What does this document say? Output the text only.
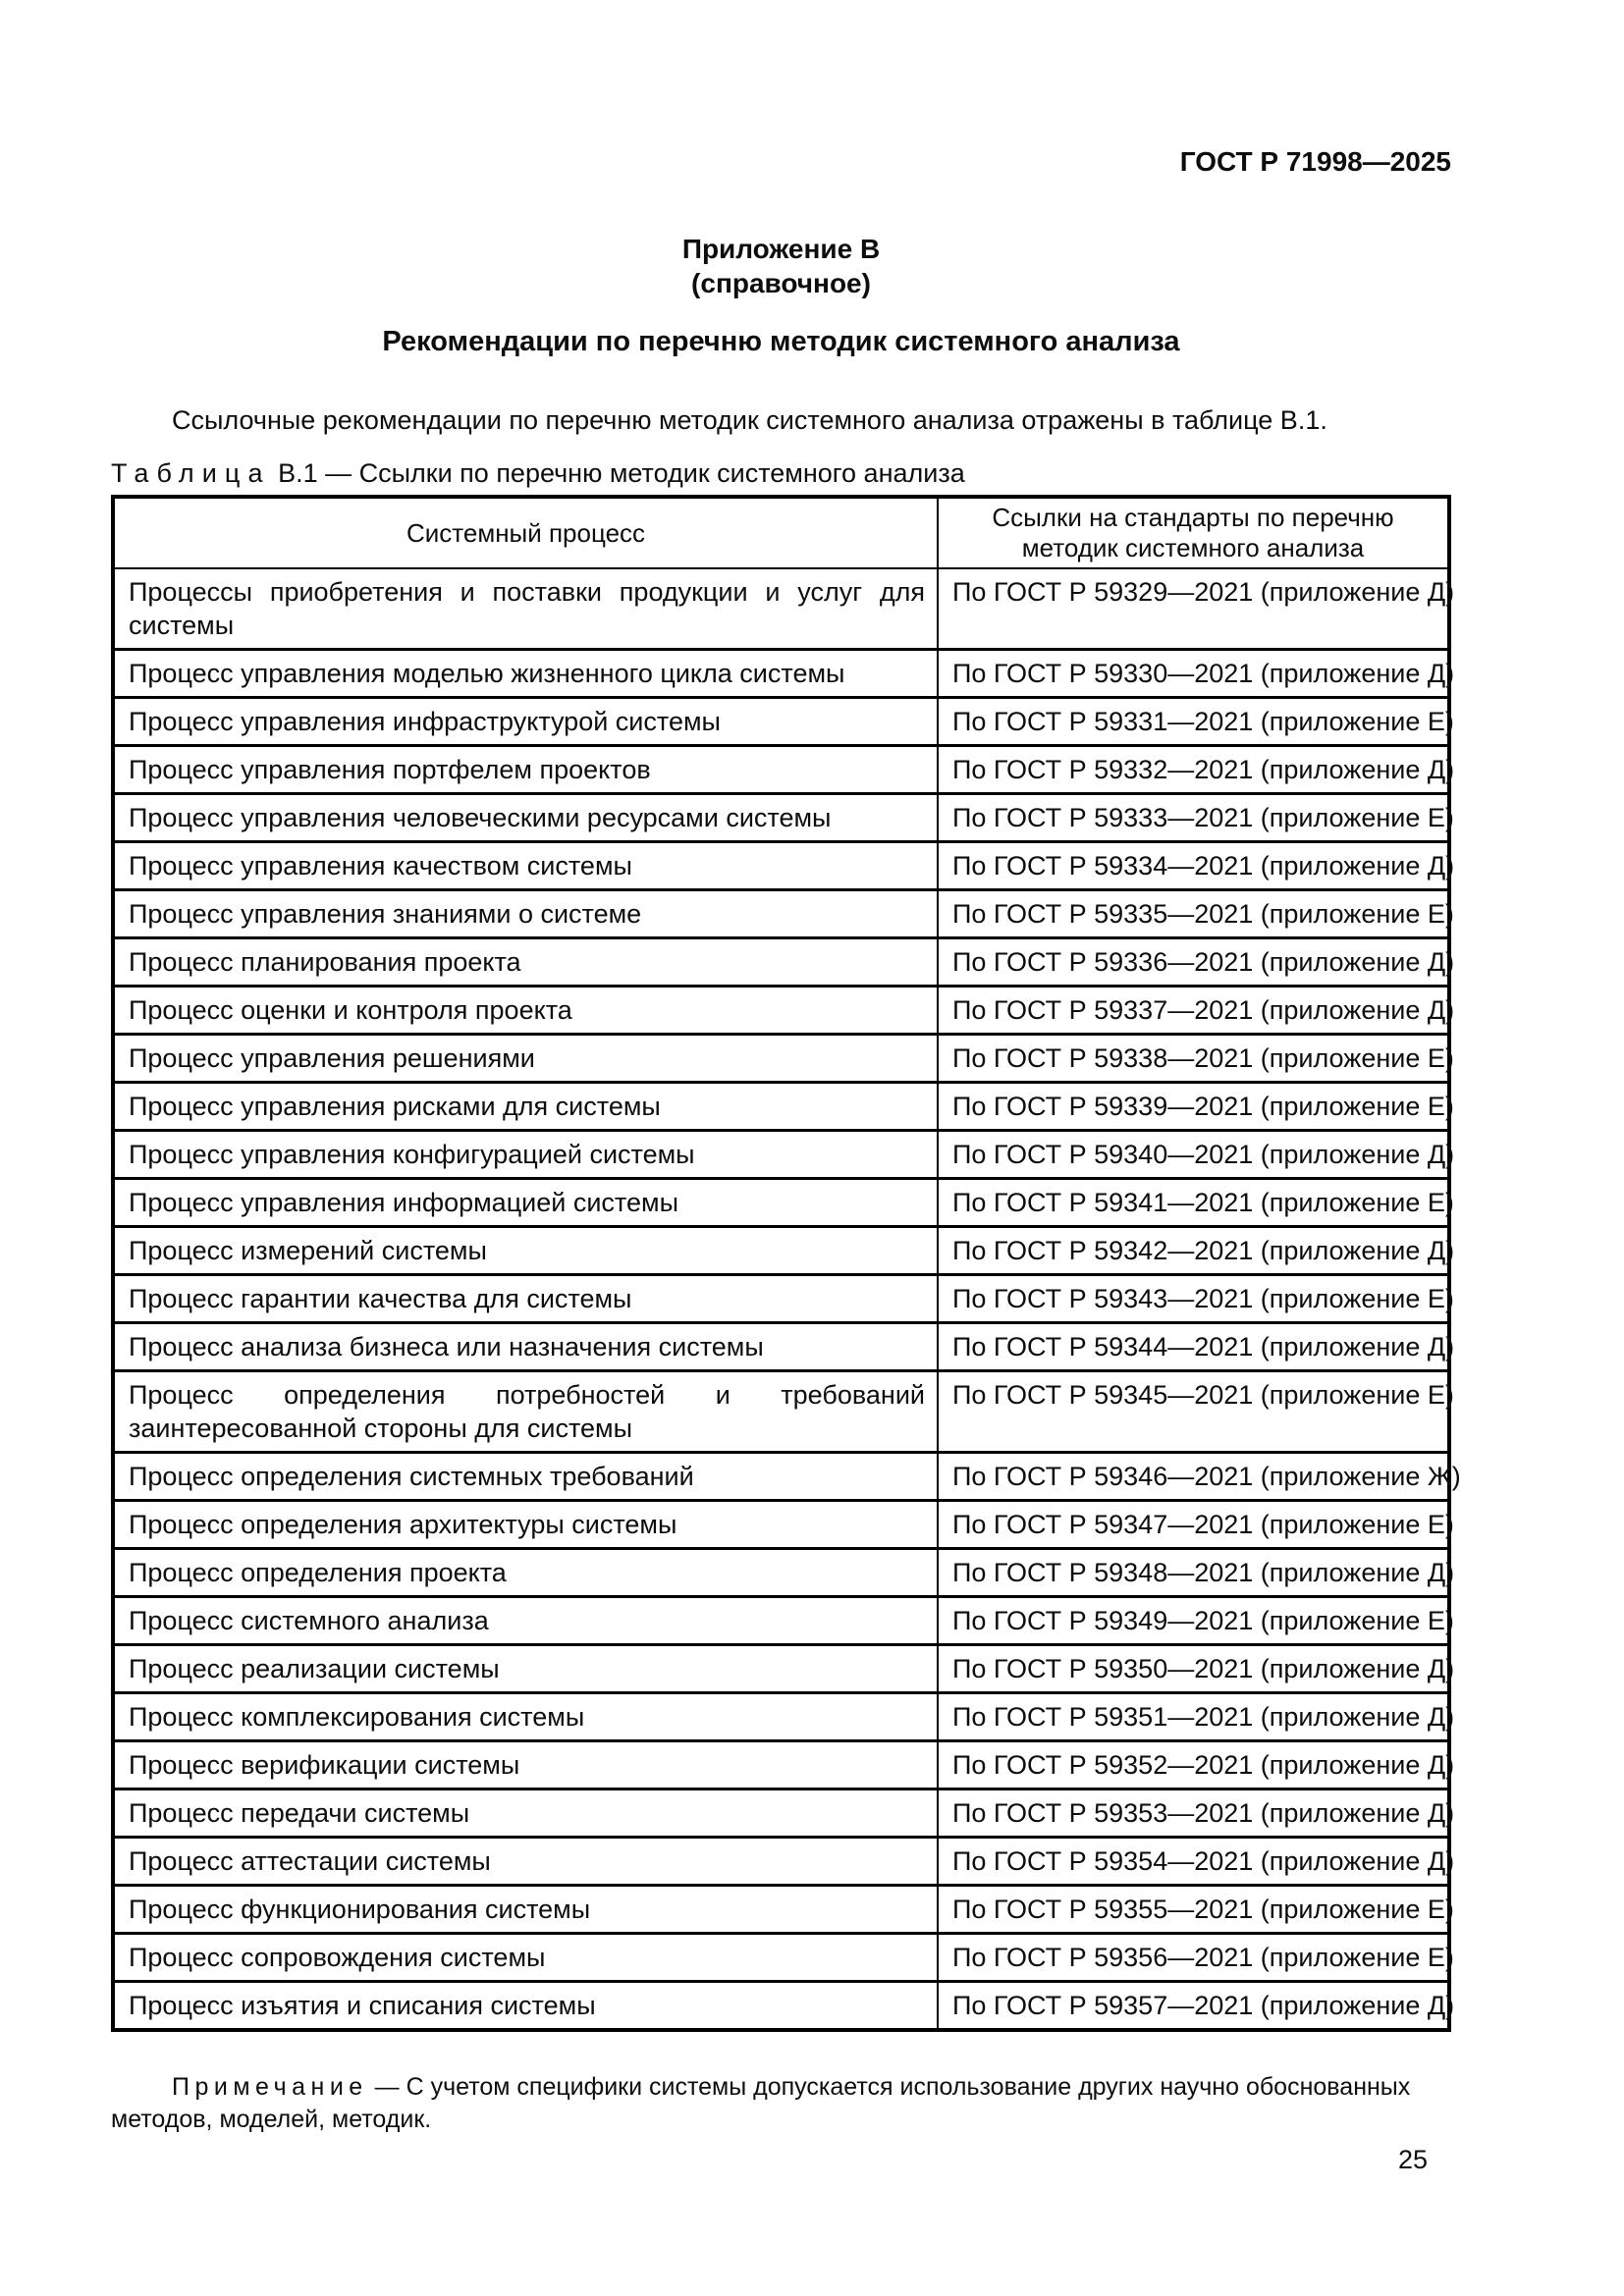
ГОСТ Р 71998—2025
Приложение В
(справочное)
Рекомендации по перечню методик системного анализа

Ссылочные рекомендации по перечню методик системного анализа отражены в таблице В.1.

Таблица В.1 — Ссылки по перечню методик системного анализа
Системный процесс	Ссылки на стандарты по перечню методик системного анализа
Процессы приобретения и поставки продукции и услуг для системы	По ГОСТ Р 59329—2021 (приложение Д)
Процесс управления моделью жизненного цикла системы	По ГОСТ Р 59330—2021 (приложение Д)
Процесс управления инфраструктурой системы	По ГОСТ Р 59331—2021 (приложение Е)
Процесс управления портфелем проектов	По ГОСТ Р 59332—2021 (приложение Д)
Процесс управления человеческими ресурсами системы	По ГОСТ Р 59333—2021 (приложение Е)
Процесс управления качеством системы	По ГОСТ Р 59334—2021 (приложение Д)
Процесс управления знаниями о системе	По ГОСТ Р 59335—2021 (приложение Е)
Процесс планирования проекта	По ГОСТ Р 59336—2021 (приложение Д)
Процесс оценки и контроля проекта	По ГОСТ Р 59337—2021 (приложение Д)
Процесс управления решениями	По ГОСТ Р 59338—2021 (приложение Е)
Процесс управления рисками для системы	По ГОСТ Р 59339—2021 (приложение Е)
Процесс управления конфигурацией системы	По ГОСТ Р 59340—2021 (приложение Д)
Процесс управления информацией системы	По ГОСТ Р 59341—2021 (приложение Е)
Процесс измерений системы	По ГОСТ Р 59342—2021 (приложение Д)
Процесс гарантии качества для системы	По ГОСТ Р 59343—2021 (приложение Е)
Процесс анализа бизнеса или назначения системы	По ГОСТ Р 59344—2021 (приложение Д)
Процесс определения потребностей и требований заинтересованной стороны для системы	По ГОСТ Р 59345—2021 (приложение Е)
Процесс определения системных требований	По ГОСТ Р 59346—2021 (приложение Ж)
Процесс определения архитектуры системы	По ГОСТ Р 59347—2021 (приложение Е)
Процесс определения проекта	По ГОСТ Р 59348—2021 (приложение Д)
Процесс системного анализа	По ГОСТ Р 59349—2021 (приложение Е)
Процесс реализации системы	По ГОСТ Р 59350—2021 (приложение Д)
Процесс комплексирования системы	По ГОСТ Р 59351—2021 (приложение Д)
Процесс верификации системы	По ГОСТ Р 59352—2021 (приложение Д)
Процесс передачи системы	По ГОСТ Р 59353—2021 (приложение Д)
Процесс аттестации системы	По ГОСТ Р 59354—2021 (приложение Д)
Процесс функционирования системы	По ГОСТ Р 59355—2021 (приложение Е)
Процесс сопровождения системы	По ГОСТ Р 59356—2021 (приложение Е)
Процесс изъятия и списания системы	По ГОСТ Р 59357—2021 (приложение Д)

Примечание — С учетом специфики системы допускается использование других научно обоснованных методов, моделей, методик.

25
